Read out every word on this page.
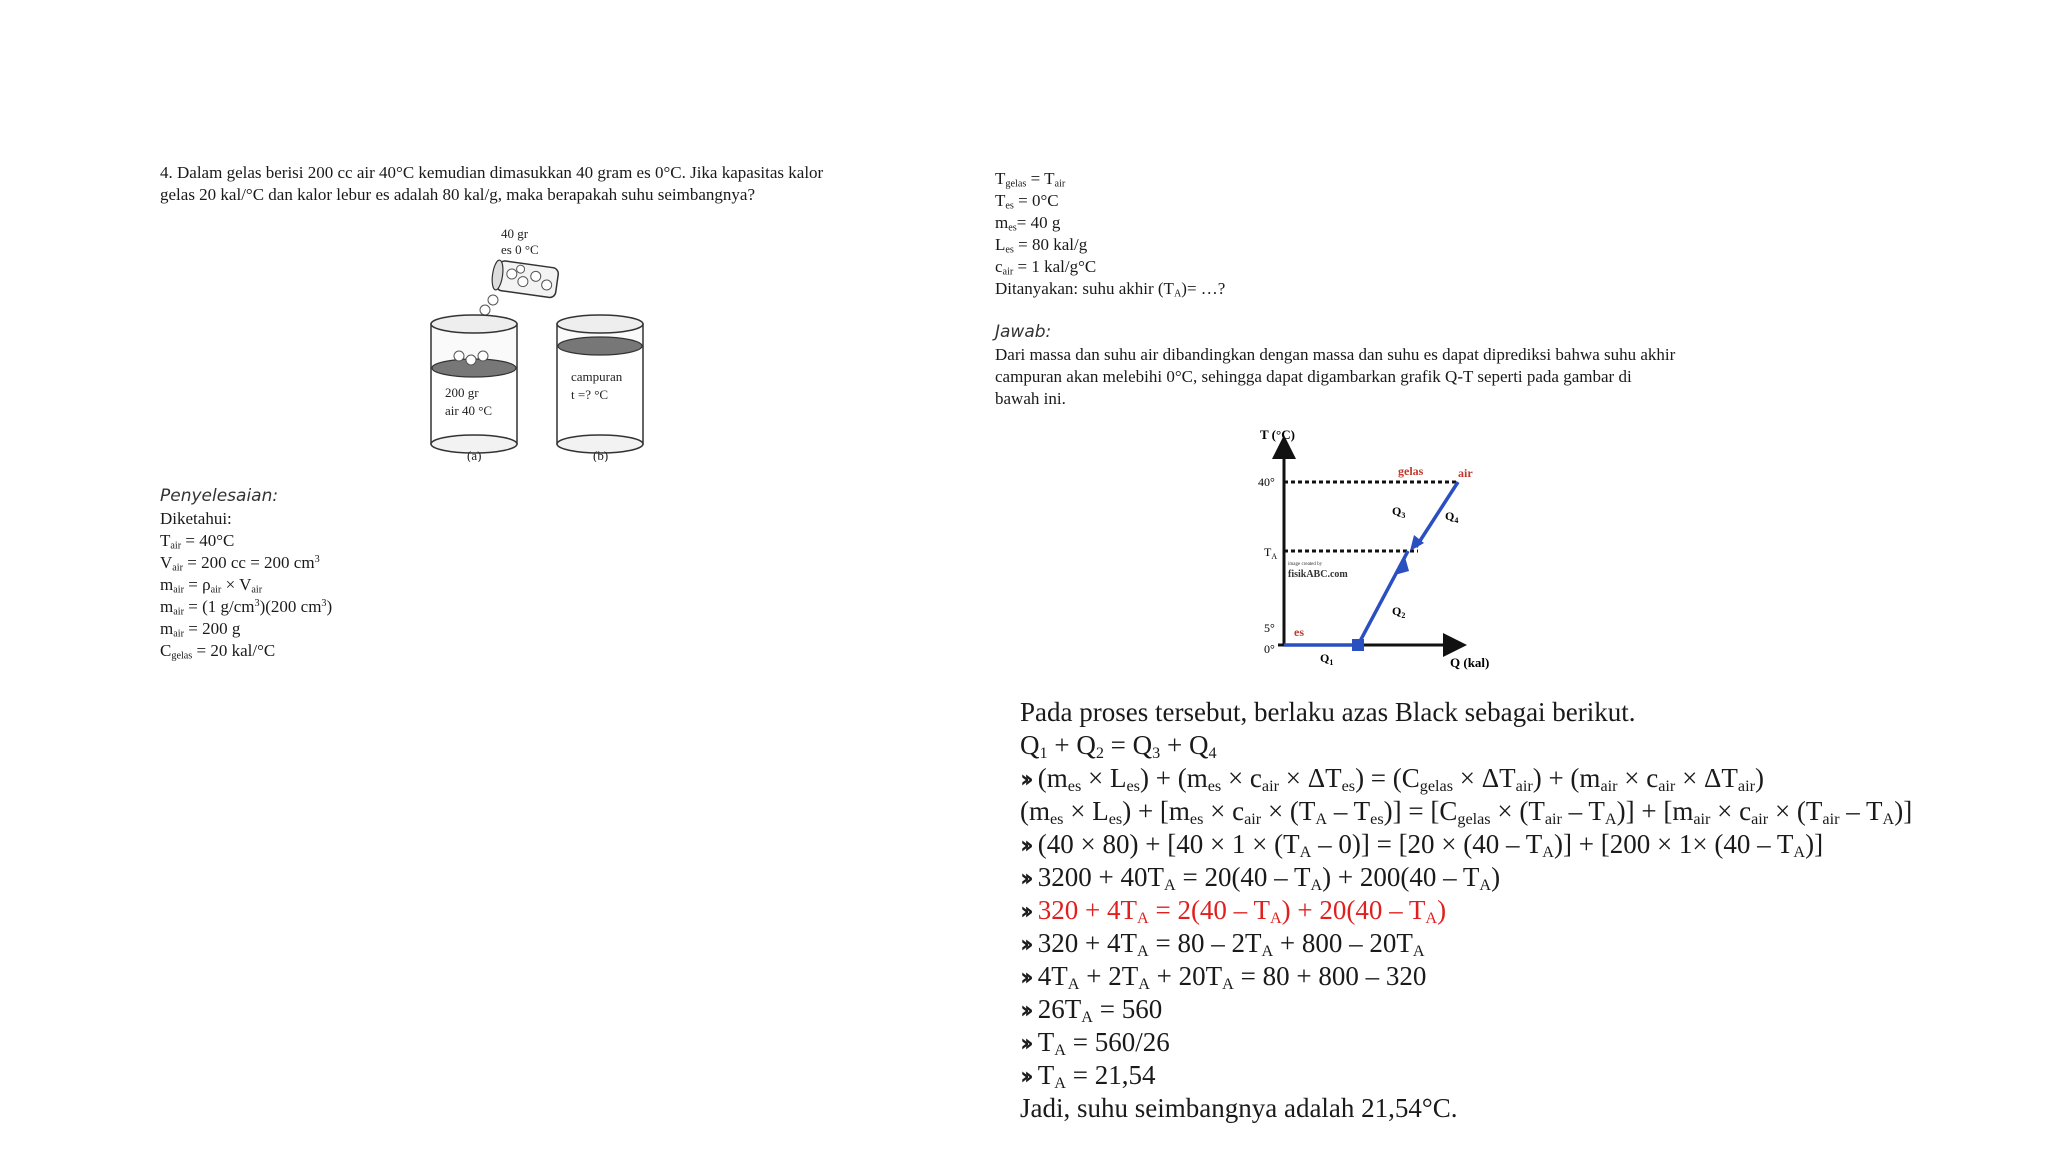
4. Dalam gelas berisi 200 cc air 40°C kemudian dimasukkan 40 gram es 0°C. Jika kapasitas kalor
gelas 20 kal/°C dan kalor lebur es adalah 80 kal/g, maka berapakah suhu seimbangnya?
40 gr
es 0 °C
200 gr
air 40 °C
(a)
campuran
t =? °C
(b)
Penyelesaian:
Diketahui:
$T_{air} = 40^\circ C$
$V_{air} = 200$ cc = 200 $cm^3$
$m_{air} = \rho_{air} \times V_{air}$
$m_{air} = (1$ $g/cm^3)(200$ $cm^3$)
$m_{air} = 200$ g
$C_{gelas} = 20$ kal/°C
$T_{gelas} = T_{air}$
$T_{es} = 0^\circ C$
$m_{es}= 40$ g
$L_{es} = 80$ kal/g
$c_{air} = 1$ kal/g°C
Ditanyakan: suhu akhir $(T_A)=$ …?
Jawab:
Dari massa dan suhu air dibandingkan dengan massa dan suhu es dapat diprediksi bahwa suhu akhir
campuran akan melebihi 0°C, sehingga dapat digambarkan grafik Q-T seperti pada gambar di
bawah ini.
T (°C)
Q (kal)
40°
$T_A$
5°
0°
es
gelas	air
$Q_1$
$Q_2$
$Q_3$	$Q_4$
image created by
fisikABC.com
Pada proses tersebut, berlaku azas Black sebagai berikut.
$Q_1 + Q_2 = Q_3 + Q_4$
›› $(m_{es} \times L_{es}) + (m_{es} \times c_{air} \times \Delta T_{es}) = (C_{gelas} \times \Delta T_{air}) + (m_{air} \times c_{air} \times \Delta T_{air})$
$(m_{es} \times L_{es}) + [m_{es} \times c_{air} \times (T_A - T_{es})] = [C_{gelas} \times (T_{air} - T_A)] + [m_{air} \times c_{air} \times (T_{air} - T_A)]$
›› $(40 \times 80) + [40 \times 1 \times (T_A - 0)] = [20 \times (40 - T_A)] + [200 \times 1\times (40 - T_A)]$
›› $3200 + 40T_A = 20(40 - T_A) + 200(40 - T_A)$
›› $320 + 4T_A = 2(40 - T_A) + 20(40 - T_A)$
›› $320 + 4T_A = 80 - 2T_A + 800 - 20T_A$
›› $4T_A + 2T_A + 20T_A = 80 + 800 - 320$
›› $26T_A = 560$
›› $T_A = 560/26$
›› $T_A = 21,54$
Jadi, suhu seimbangnya adalah 21,54°C.
